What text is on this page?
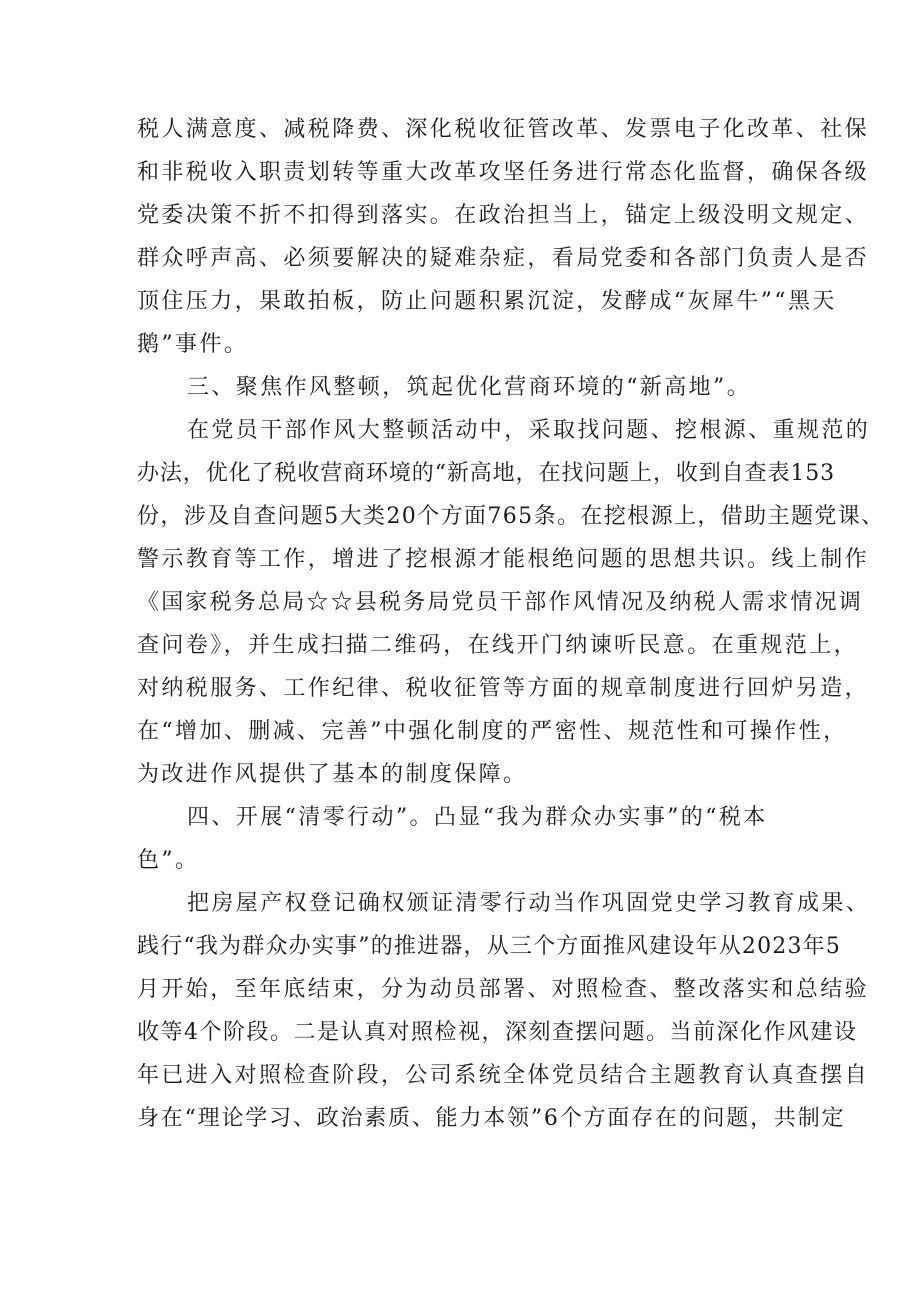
税人满意度、减税降费、深化税收征管改革、发票电子化改革、社保
和非税收入职责划转等重大改革攻坚任务进行常态化监督，确保各级
党委决策不折不扣得到落实。在政治担当上，锚定上级没明文规定、
群众呼声高、必须要解决的疑难杂症，看局党委和各部门负责人是否
顶住压力，果敢拍板，防止问题积累沉淀，发酵成“灰犀牛”“黑天
鹅”事件。
三、聚焦作风整顿，筑起优化营商环境的“新高地”。
在党员干部作风大整顿活动中，采取找问题、挖根源、重规范的
办法，优化了税收营商环境的“新高地，在找问题上，收到自查表153
份，涉及自查问题5大类20个方面765条。在挖根源上，借助主题党课、
警示教育等工作，增进了挖根源才能根绝问题的思想共识。线上制作
《国家税务总局☆☆县税务局党员干部作风情况及纳税人需求情况调
查问卷》，并生成扫描二维码，在线开门纳谏听民意。在重规范上，
对纳税服务、工作纪律、税收征管等方面的规章制度进行回炉另造，
在“增加、删减、完善”中强化制度的严密性、规范性和可操作性，
为改进作风提供了基本的制度保障。
四、开展“清零行动”。凸显“我为群众办实事”的“税本
色”。
把房屋产权登记确权颁证清零行动当作巩固党史学习教育成果、
践行“我为群众办实事”的推进器，从三个方面推风建设年从2023年5
月开始，至年底结束，分为动员部署、对照检查、整改落实和总结验
收等4个阶段。二是认真对照检视，深刻查摆问题。当前深化作风建设
年已进入对照检查阶段，公司系统全体党员结合主题教育认真查摆自
身在“理论学习、政治素质、能力本领”6个方面存在的问题，共制定
